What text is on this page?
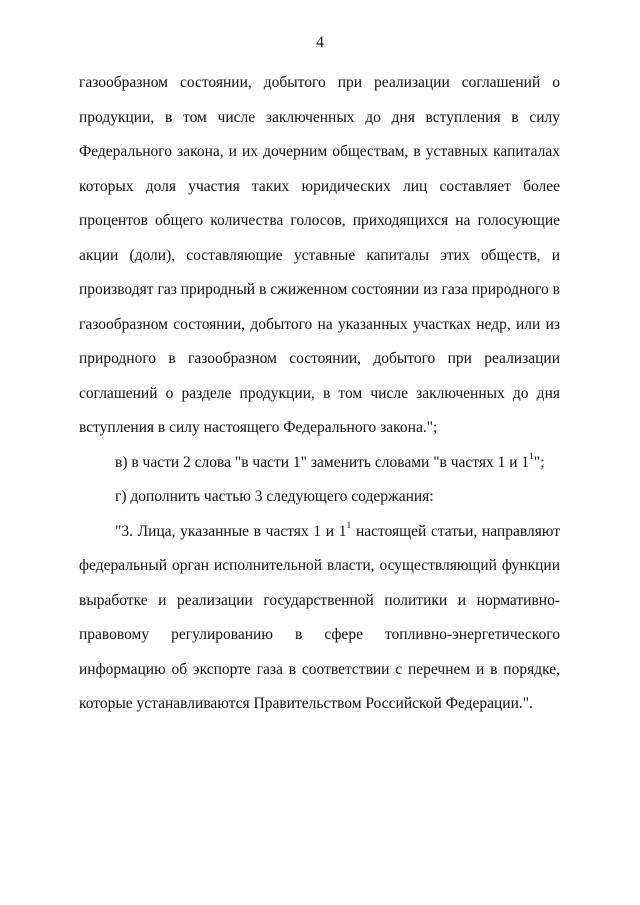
4
газообразном состоянии, добытого при реализации соглашений о
продукции, в том числе заключенных до дня вступления в силу
Федерального закона, и их дочерним обществам, в уставных капиталах
которых доля участия таких юридических лиц составляет более
процентов общего количества голосов, приходящихся на голосующие
акции (доли), составляющие уставные капиталы этих обществ, и
производят газ природный в сжиженном состоянии из газа природного в
газообразном состоянии, добытого на указанных участках недр, или из
природного в газообразном состоянии, добытого при реализации
соглашений о разделе продукции, в том числе заключенных до дня
вступления в силу настоящего Федерального закона.";
в) в части 2 слова "в части 1" заменить словами "в частях 1 и $1^1$";
г) дополнить частью 3 следующего содержания:
"3. Лица, указанные в частях 1 и $1^1$ настоящей статьи, направляют
федеральный орган исполнительной власти, осуществляющий функции
выработке и реализации государственной политики и нормативно-
правовому регулированию в сфере топливно-энергетического
информацию об экспорте газа в соответствии с перечнем и в порядке,
которые устанавливаются Правительством Российской Федерации.".
